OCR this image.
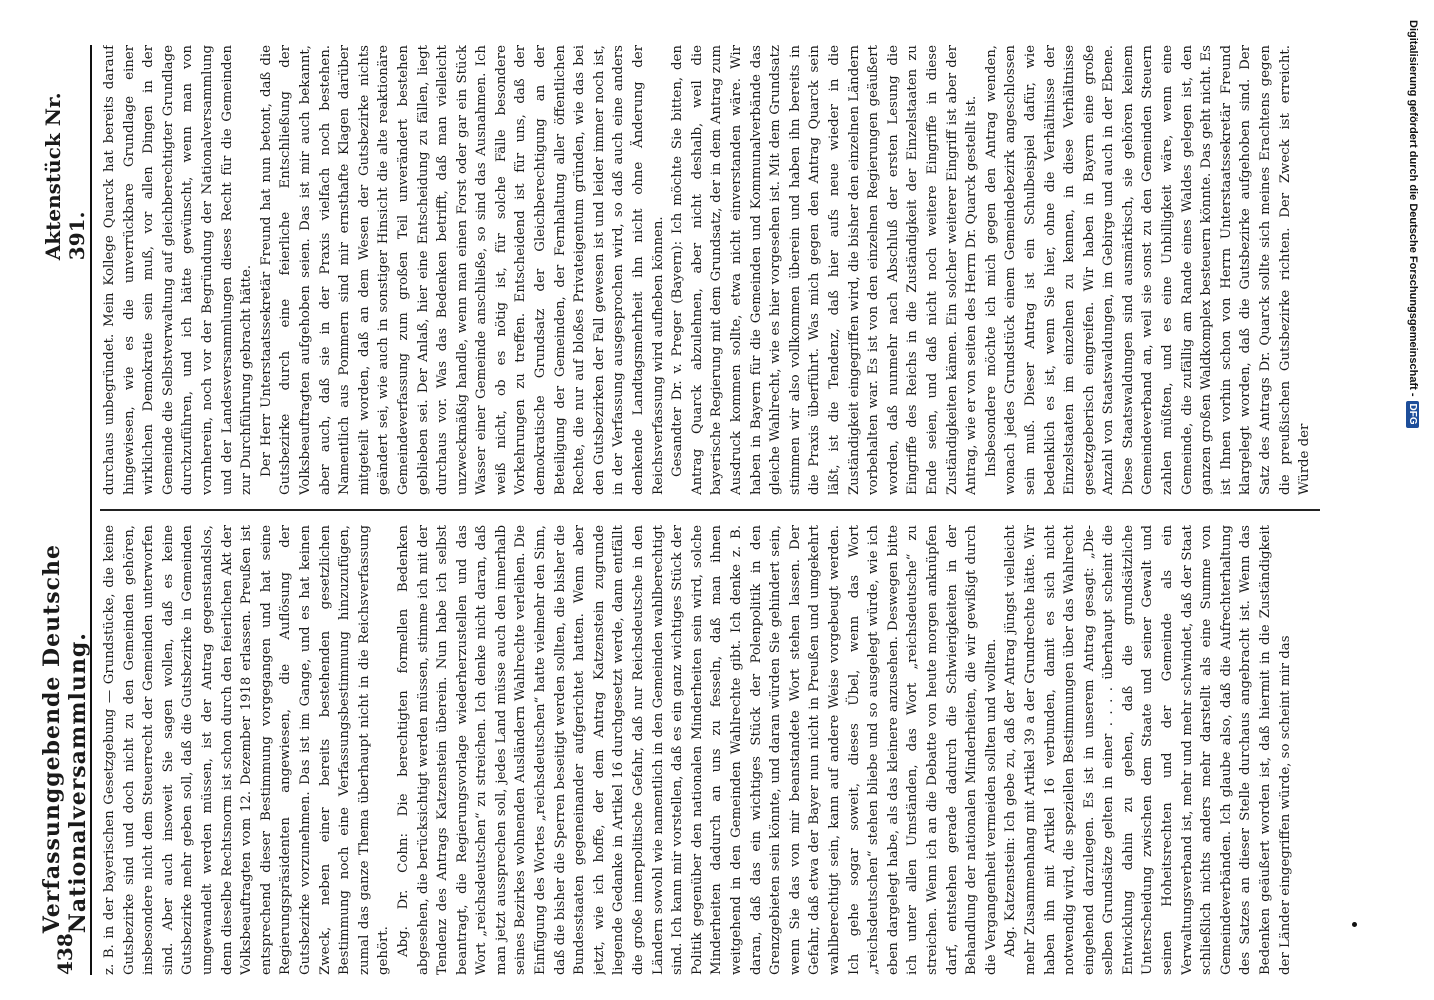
438
Verfassunggebende Deutsche Nationalversammlung.
Aktenstück Nr. 391.

z. B. in der bayerischen Gesetzgebung — Grundstücke, die keine Gutsbezirke sind und doch nicht zu den Gemeinden gehören, insbesondere nicht dem Steuerrecht der Gemeinden unterworfen sind. Aber auch insoweit Sie sagen wollen, daß es keine Gutsbezirke mehr geben soll, daß die Gutsbezirke in Gemeinden umgewandelt werden müssen, ist der Antrag gegenstandslos, denn dieselbe Rechtsnorm ist schon durch den feierlichen Akt der Volksbeauftragten vom 12. Dezember 1918 erlassen. Preußen ist entsprechend dieser Bestimmung vorgegangen und hat seine Regierungspräsidenten angewiesen, die Auflösung der Gutsbezirke vorzunehmen. Das ist im Gange, und es hat keinen Zweck, neben einer bereits bestehenden gesetzlichen Bestimmung noch eine Verfassungsbestimmung hinzuzufügen, zumal das ganze Thema überhaupt nicht in die Reichsverfassung gehört. Abg. Dr. Cohn: Die berechtigten formellen Bedenken abgesehen, die berücksichtigt werden müssen, stimme ich mit der Tendenz des Antrags Katzenstein überein. Nun habe ich selbst beantragt, die Regierungsvorlage wiederherzustellen und das Wort „reichsdeutschen“ zu streichen. Ich denke nicht daran, daß man jetzt aussprechen soll, jedes Land müsse auch den innerhalb seines Bezirkes wohnenden Ausländern Wahlrechte verleihen. Die Einfügung des Wortes „reichsdeutschen“ hatte vielmehr den Sinn, daß die bisher die Sperren beseitigt werden sollten, die bisher die Bundesstaaten gegeneinander aufgerichtet hatten. Wenn aber jetzt, wie ich hoffe, der dem Antrag Katzenstein zugrunde liegende Gedanke in Artikel 16 durchgesetzt werde, dann entfällt die große innerpolitische Gefahr, daß nur Reichsdeutsche in den Ländern sowohl wie namentlich in den Gemeinden wahlberechtigt sind. Ich kann mir vorstellen, daß es ein ganz wichtiges Stück der Politik gegenüber den nationalen Minderheiten sein wird, solche Minderheiten dadurch an uns zu fesseln, daß man ihnen weitgehend in den Gemeinden Wahlrechte gibt. Ich denke z. B. daran, daß das ein wichtiges Stück der Polenpolitik in den Grenzgebieten sein könnte, und daran würden Sie gehindert sein, wenn Sie das von mir beanstandete Wort stehen lassen. Der Gefahr, daß etwa der Bayer nun nicht in Preußen und umgekehrt wahlberechtigt sein, kann auf andere Weise vorgebeugt werden. Ich gehe sogar soweit, dieses Übel, wenn das Wort „reichsdeutschen“ stehen bliebe und so ausgelegt würde, wie ich eben dargelegt habe, als das kleinere anzusehen. Deswegen bitte ich unter allen Umständen, das Wort „reichsdeutsche“ zu streichen. Wenn ich an die Debatte von heute morgen anknüpfen darf, entstehen gerade dadurch die Schwierigkeiten in der Behandlung der nationalen Minderheiten, die wir gewißigt durch die Vergangenheit vermeiden sollten und wollten. Abg. Katzenstein: Ich gebe zu, daß der Antrag jüngst vielleicht mehr Zusammenhang mit Artikel 39 a der Grundrechte hätte. Wir haben ihn mit Artikel 16 verbunden, damit es sich nicht notwendig wird, die speziellen Bestimmungen über das Wahlrecht eingehend darzulegen. Es ist in unserem Antrag gesagt: „Die-selben Grundsätze gelten in einer . . . . überhaupt scheint die Entwicklung dahin zu gehen, daß die grundsätzliche Unterscheidung zwischen dem Staate und seiner Gewalt und seinen Hoheitsrechten und der Gemeinde als ein Verwaltungsverband ist, mehr und mehr schwindet, daß der Staat schließlich nichts anders mehr darstellt als eine Summe von Gemeindeverbänden. Ich glaube also, daß die Aufrechterhaltung des Satzes an dieser Stelle durchaus angebracht ist. Wenn das Bedenken geäußert worden ist, daß hiermit in die Zuständigkeit der Länder eingegriffen würde, so scheint mir das

durchaus unbegründet. Mein Kollege Quarck hat bereits darauf hingewiesen, wie es die unverrückbare Grundlage einer wirklichen Demokratie sein muß, vor allen Dingen in der Gemeinde die Selbstverwaltung auf gleichberechtigter Grundlage durchzuführen, und ich hätte gewünscht, wenn man von vornherein, noch vor der Begründung der Nationalversammlung und der Landesversammlungen dieses Recht für die Gemeinden zur Durchführung gebracht hätte. Der Herr Unterstaatssekretär Freund hat nun betont, daß die Gutsbezirke durch eine feierliche Entschließung der Volksbeauftragten aufgehoben seien. Das ist mir auch bekannt, aber auch, daß sie in der Praxis vielfach noch bestehen. Namentlich aus Pommern sind mir ernsthafte Klagen darüber mitgeteilt worden, daß an dem Wesen der Gutsbezirke nichts geändert sei, wie auch in sonstiger Hinsicht die alte reaktionäre Gemeindeverfassung zum großen Teil unverändert bestehen geblieben sei. Der Anlaß, hier eine Entscheidung zu fällen, liegt durchaus vor. Was das Bedenken betrifft, daß man vielleicht unzweckmäßig handle, wenn man einen Forst oder gar ein Stück Wasser einer Gemeinde anschließe, so sind das Ausnahmen. Ich weiß nicht, ob es nötig ist, für solche Fälle besondere Vorkehrungen zu treffen. Entscheidend ist für uns, daß der demokratische Grundsatz der Gleichberechtigung an der Beteiligung der Gemeinden, der Fernhaltung aller öffentlichen Rechte, die nur auf bloßes Privateigentum gründen, wie das bei den Gutsbezirken der Fall gewesen ist und leider immer noch ist, in der Verfassung ausgesprochen wird, so daß auch eine anders denkende Landtagsmehrheit ihn nicht ohne Änderung der Reichsverfassung wird aufheben können. Gesandter Dr. v. Preger (Bayern): Ich möchte Sie bitten, den Antrag Quarck abzulehnen, aber nicht deshalb, weil die bayerische Regierung mit dem Grundsatz, der in dem Antrag zum Ausdruck kommen sollte, etwa nicht einverstanden wäre. Wir haben in Bayern für die Gemeinden und Kommunalverbände das gleiche Wahlrecht, wie es hier vorgesehen ist. Mit dem Grundsatz stimmen wir also vollkommen überein und haben ihn bereits in die Praxis überführt. Was mich gegen den Antrag Quarck sein läßt, ist die Tendenz, daß hier aufs neue wieder in die Zuständigkeit eingegriffen wird, die bisher den einzelnen Ländern vorbehalten war. Es ist von den einzelnen Regierungen geäußert worden, daß nunmehr nach Abschluß der ersten Lesung die Eingriffe des Reichs in die Zuständigkeit der Einzelstaaten zu Ende seien, und daß nicht noch weitere Eingriffe in diese Zuständigkeiten kämen. Ein solcher weiterer Eingriff ist aber der Antrag, wie er von seiten des Herrn Dr. Quarck gestellt ist. Insbesondere möchte ich mich gegen den Antrag wenden, wonach jedes Grundstück einem Gemeindebezirk angeschlossen sein muß. Dieser Antrag ist ein Schulbeispiel dafür, wie bedenklich es ist, wenn Sie hier, ohne die Verhältnisse der Einzelstaaten im einzelnen zu kennen, in diese Verhältnisse gesetzgeberisch eingreifen. Wir haben in Bayern eine große Anzahl von Staatswaldungen, im Gebirge und auch in der Ebene. Diese Staatswaldungen sind ausmärkisch, sie gehören keinem Gemeindeverband an, weil sie sonst zu den Gemeinden Steuern zahlen müßten, und es eine Unbilligkeit wäre, wenn eine Gemeinde, die zufällig am Rande eines Waldes gelegen ist, den ganzen großen Waldkomplex besteuern könnte. Das geht nicht. Es ist Ihnen vorhin schon von Herrn Unterstaatssekretär Freund klargelegt worden, daß die Gutsbezirke aufgehoben sind. Der Satz des Antrags Dr. Quarck sollte sich meines Erachtens gegen die preußischen Gutsbezirke richten. Der Zweck ist erreicht. Würde der

Digitalisierung gefördert durch die Deutsche Forschungsgemeinschaft -
DFG
